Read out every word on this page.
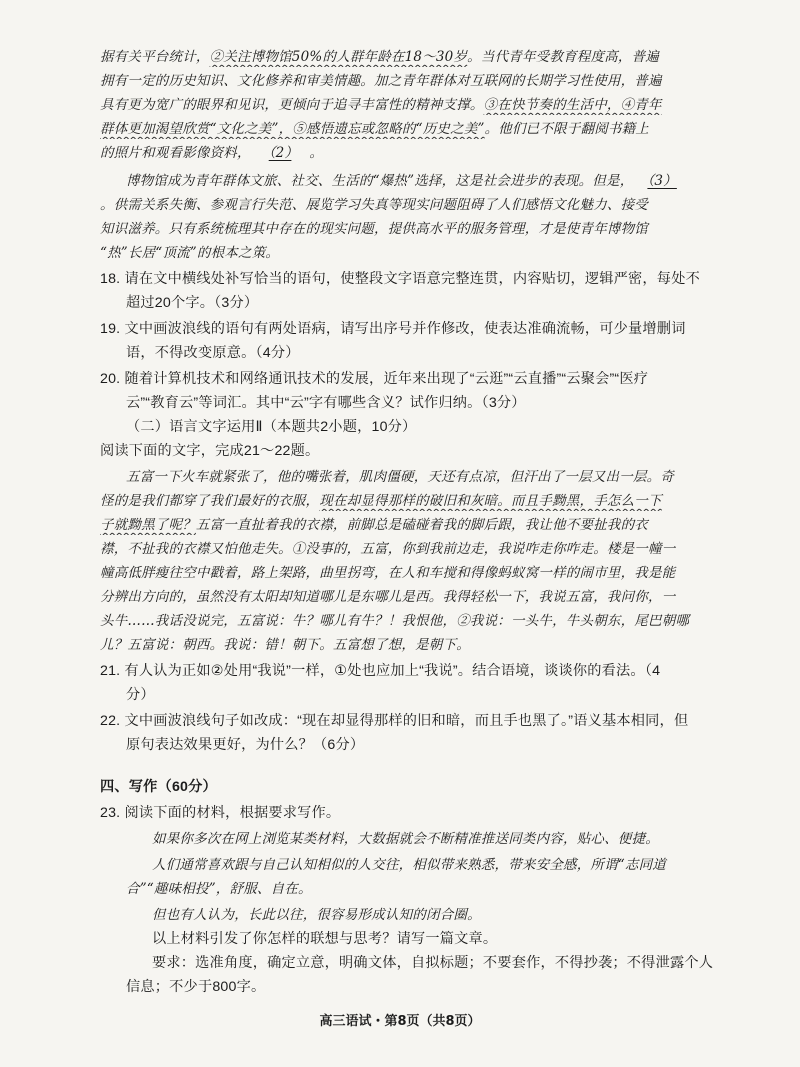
据有关平台统计，②关注博物馆50%的人群年龄在18～30岁。当代青年受教育程度高，普遍
拥有一定的历史知识、文化修养和审美情趣。加之青年群体对互联网的长期学习性使用，普遍
具有更为宽广的眼界和见识，更倾向于追寻丰富性的精神支撑。③在快节奏的生活中，④青年
群体更加渴望欣赏“文化之美”，⑤感悟遗忘或忽略的“历史之美”。他们已不限于翻阅书籍上
的照片和观看影像资料， （2） 。
博物馆成为青年群体文旅、社交、生活的“爆热”选择，这是社会进步的表现。但是， （3）
。供需关系失衡、参观言行失范、展览学习失真等现实问题阻碍了人们感悟文化魅力、接受
知识滋养。只有系统梳理其中存在的现实问题，提供高水平的服务管理，才是使青年博物馆
“热”长居“顶流”的根本之策。
18. 请在文中横线处补写恰当的语句，使整段文字语意完整连贯，内容贴切，逻辑严密，每处不
超过20个字。（3分）
19. 文中画波浪线的语句有两处语病，请写出序号并作修改，使表达准确流畅，可少量增删词
语，不得改变原意。（4分）
20. 随着计算机技术和网络通讯技术的发展，近年来出现了“云逛”“云直播”“云聚会”“医疗
云”“教育云”等词汇。其中“云”字有哪些含义？试作归纳。（3分）
（二）语言文字运用Ⅱ（本题共2小题，10分）
阅读下面的文字，完成21～22题。
五富一下火车就紧张了，他的嘴张着，肌肉僵硬，天还有点凉，但汗出了一层又出一层。奇
怪的是我们都穿了我们最好的衣服，现在却显得那样的破旧和灰暗。而且手黝黑，手怎么一下
子就黝黑了呢？五富一直扯着我的衣襟，前脚总是磕碰着我的脚后跟，我让他不要扯我的衣
襟，不扯我的衣襟又怕他走失。①没事的，五富，你到我前边走，我说咋走你咋走。楼是一幢一
幢高低胖瘦往空中戳着，路上架路，曲里拐弯，在人和车搅和得像蚂蚁窝一样的闹市里，我是能
分辨出方向的，虽然没有太阳却知道哪儿是东哪儿是西。我得轻松一下，我说五富，我问你，一
头牛……我话没说完，五富说：牛？哪儿有牛？！我恨他，②我说：一头牛，牛头朝东，尾巴朝哪
儿？五富说：朝西。我说：错！朝下。五富想了想，是朝下。
21. 有人认为正如②处用“我说”一样，①处也应加上“我说”。结合语境，谈谈你的看法。（4
分）
22. 文中画波浪线句子如改成：“现在却显得那样的旧和暗，而且手也黑了。”语义基本相同，但
原句表达效果更好，为什么？（6分）
四、写作（60分）
23. 阅读下面的材料，根据要求写作。
如果你多次在网上浏览某类材料，大数据就会不断精准推送同类内容，贴心、便捷。
人们通常喜欢跟与自己认知相似的人交往，相似带来熟悉，带来安全感，所谓“志同道
合”“趣味相投”，舒服、自在。
但也有人认为，长此以往，很容易形成认知的闭合圈。
以上材料引发了你怎样的联想与思考？请写一篇文章。
高三语试・第8页（共8页）
要求：选准角度，确定立意，明确文体，自拟标题；不要套作，不得抄袭；不得泄露个人
信息；不少于800字。
